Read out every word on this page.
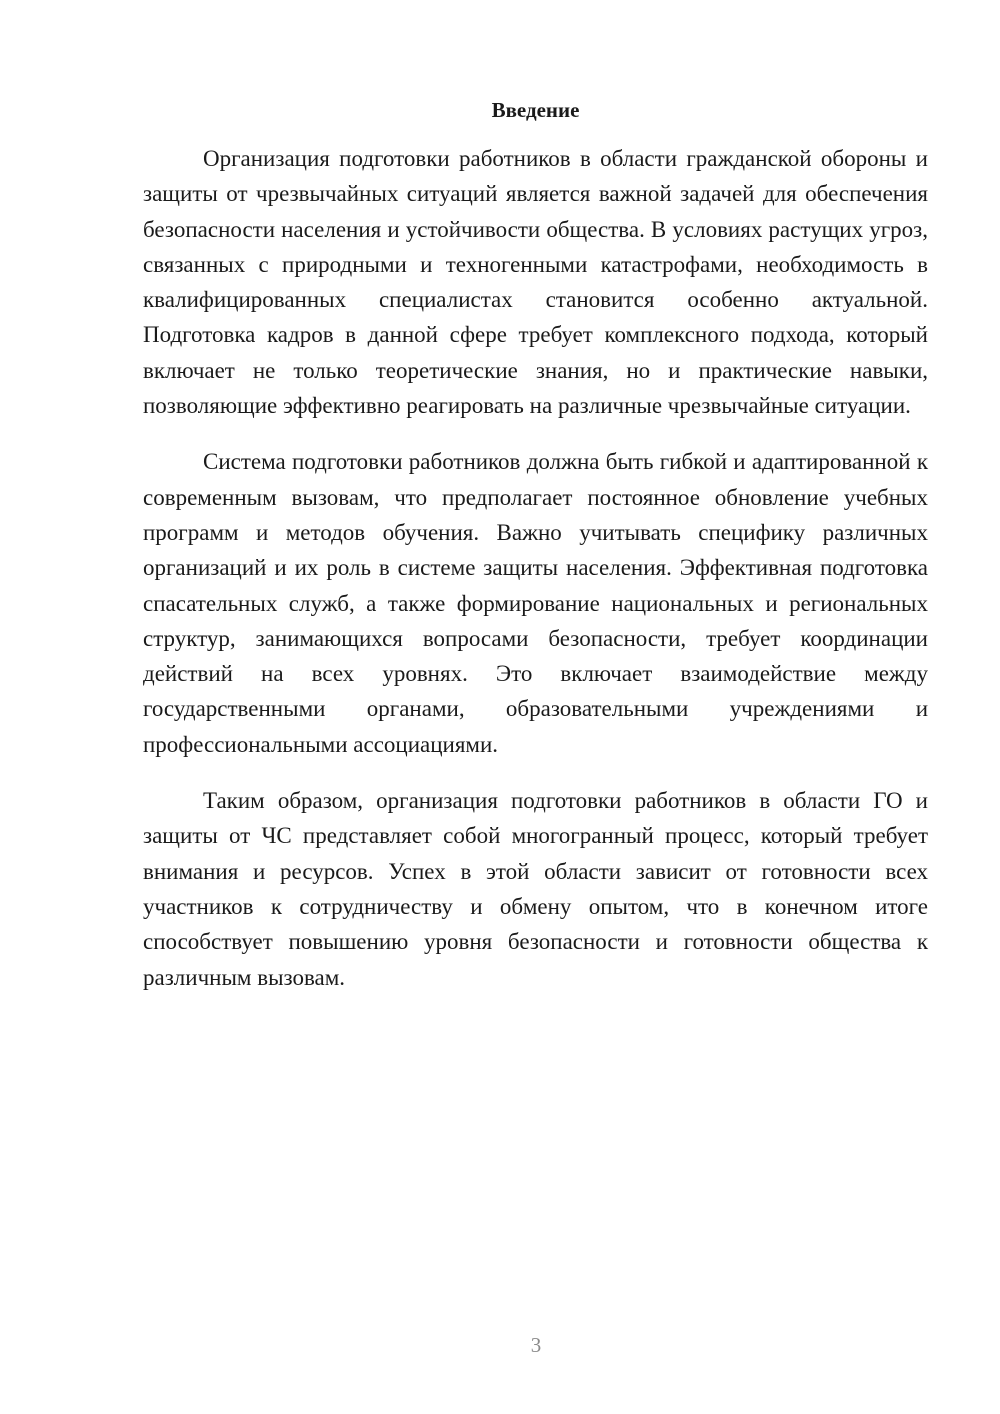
Введение

Организация подготовки работников в области гражданской обороны и защиты от чрезвычайных ситуаций является важной задачей для обеспечения безопасности населения и устойчивости общества. В условиях растущих угроз, связанных с природными и техногенными катастрофами, необходимость в квалифицированных специалистах становится особенно актуальной. Подготовка кадров в данной сфере требует комплексного подхода, который включает не только теоретические знания, но и практические навыки, позволяющие эффективно реагировать на различные чрезвычайные ситуации.

Система подготовки работников должна быть гибкой и адаптированной к современным вызовам, что предполагает постоянное обновление учебных программ и методов обучения. Важно учитывать специфику различных организаций и их роль в системе защиты населения. Эффективная подготовка спасательных служб, а также формирование национальных и региональных структур, занимающихся вопросами безопасности, требует координации действий на всех уровнях. Это включает взаимодействие между государственными органами, образовательными учреждениями и профессиональными ассоциациями.

Таким образом, организация подготовки работников в области ГО и защиты от ЧС представляет собой многогранный процесс, который требует внимания и ресурсов. Успех в этой области зависит от готовности всех участников к сотрудничеству и обмену опытом, что в конечном итоге способствует повышению уровня безопасности и готовности общества к различным вызовам.

3
